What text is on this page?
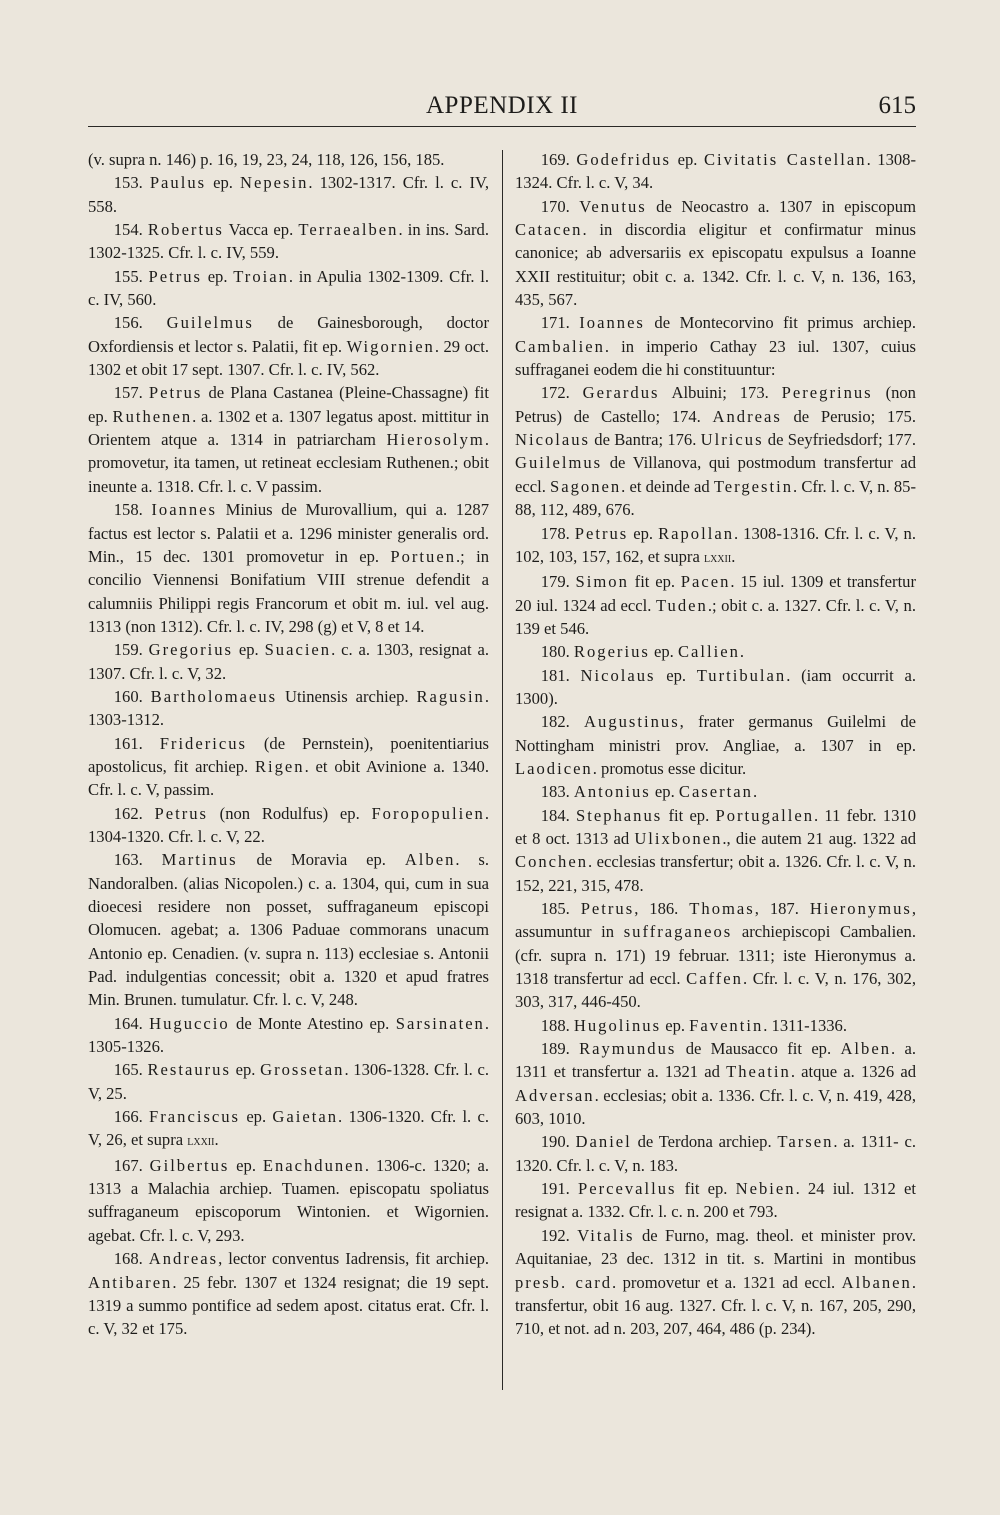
APPENDIX II	615

(v. supra n. 146) p. 16, 19, 23, 24, 118, 126, 156, 185.

153. Paulus ep. Nepesin. 1302-1317. Cfr. l. c. IV, 558.

154. Robertus Vacca ep. Terraealben. in ins. Sard. 1302-1325. Cfr. l. c. IV, 559.

155. Petrus ep. Troian. in Apulia 1302-1309. Cfr. l. c. IV, 560.

156. Guilelmus de Gainesborough, doctor Oxfordiensis et lector s. Palatii, fit ep. Wigornien. 29 oct. 1302 et obit 17 sept. 1307. Cfr. l. c. IV, 562.

157. Petrus de Plana Castanea (Pleine-Chassagne) fit ep. Ruthenen. a. 1302 et a. 1307 legatus apost. mittitur in Orientem atque a. 1314 in patriarcham Hierosolym. promovetur, ita tamen, ut retineat ecclesiam Ruthenen.; obit ineunte a. 1318. Cfr. l. c. V passim.

158. Ioannes Minius de Murovallium, qui a. 1287 factus est lector s. Palatii et a. 1296 minister generalis ord. Min., 15 dec. 1301 promovetur in ep. Portuen.; in concilio Viennensi Bonifatium VIII strenue defendit a calumniis Philippi regis Francorum et obit m. iul. vel aug. 1313 (non 1312). Cfr. l. c. IV, 298 (g) et V, 8 et 14.

159. Gregorius ep. Suacien. c. a. 1303, resignat a. 1307. Cfr. l. c. V, 32.

160. Bartholomaeus Utinensis archiep. Ragusin. 1303-1312.

161. Fridericus (de Pernstein), poenitentiarius apostolicus, fit archiep. Rigen. et obit Avinione a. 1340. Cfr. l. c. V, passim.

162. Petrus (non Rodulfus) ep. Foropopulien. 1304-1320. Cfr. l. c. V, 22.

163. Martinus de Moravia ep. Alben. s. Nandoralben. (alias Nicopolen.) c. a. 1304, qui, cum in sua dioecesi residere non posset, suffraganeum episcopi Olomucen. agebat; a. 1306 Paduae commorans unacum Antonio ep. Cenadien. (v. supra n. 113) ecclesiae s. Antonii Pad. indulgentias concessit; obit a. 1320 et apud fratres Min. Brunen. tumulatur. Cfr. l. c. V, 248.

164. Huguccio de Monte Atestino ep. Sarsinaten. 1305-1326.

165. Restaurus ep. Grossetan. 1306-1328. Cfr. l. c. V, 25.

166. Franciscus ep. Gaietan. 1306-1320. Cfr. l. c. V, 26, et supra lxxii.

167. Gilbertus ep. Enachdunen. 1306-c. 1320; a. 1313 a Malachia archiep. Tuamen. episcopatu spoliatus suffraganeum episcoporum Wintonien. et Wigornien. agebat. Cfr. l. c. V, 293.

168. Andreas, lector conventus Iadrensis, fit archiep. Antibaren. 25 febr. 1307 et 1324 resignat; die 19 sept. 1319 a summo pontifice ad sedem apost. citatus erat. Cfr. l. c. V, 32 et 175.

169. Godefridus ep. Civitatis Castellan. 1308-1324. Cfr. l. c. V, 34.

170. Venutus de Neocastro a. 1307 in episcopum Catacen. in discordia eligitur et confirmatur minus canonice; ab adversariis ex episcopatu expulsus a Ioanne XXII restituitur; obit c. a. 1342. Cfr. l. c. V, n. 136, 163, 435, 567.

171. Ioannes de Montecorvino fit primus archiep. Cambalien. in imperio Cathay 23 iul. 1307, cuius suffraganei eodem die hi constituuntur:

172. Gerardus Albuini; 173. Peregrinus (non Petrus) de Castello; 174. Andreas de Perusio; 175. Nicolaus de Bantra; 176. Ulricus de Seyfriedsdorf; 177. Guilelmus de Villanova, qui postmodum transfertur ad eccl. Sagonen. et deinde ad Tergestin. Cfr. l. c. V, n. 85-88, 112, 489, 676.

178. Petrus ep. Rapollan. 1308-1316. Cfr. l. c. V, n. 102, 103, 157, 162, et supra lxxii.

179. Simon fit ep. Pacen. 15 iul. 1309 et transfertur 20 iul. 1324 ad eccl. Tuden.; obit c. a. 1327. Cfr. l. c. V, n. 139 et 546.

180. Rogerius ep. Callien.

181. Nicolaus ep. Turtibulan. (iam occurrit a. 1300).

182. Augustinus, frater germanus Guilelmi de Nottingham ministri prov. Angliae, a. 1307 in ep. Laodicen. promotus esse dicitur.

183. Antonius ep. Casertan.

184. Stephanus fit ep. Portugallen. 11 febr. 1310 et 8 oct. 1313 ad Ulixbonen., die autem 21 aug. 1322 ad Conchen. ecclesias transfertur; obit a. 1326. Cfr. l. c. V, n. 152, 221, 315, 478.

185. Petrus, 186. Thomas, 187. Hieronymus, assumuntur in suffraganeos archiepiscopi Cambalien. (cfr. supra n. 171) 19 februar. 1311; iste Hieronymus a. 1318 transfertur ad eccl. Caffen. Cfr. l. c. V, n. 176, 302, 303, 317, 446-450.

188. Hugolinus ep. Faventin. 1311-1336.

189. Raymundus de Mausacco fit ep. Alben. a. 1311 et transfertur a. 1321 ad Theatin. atque a. 1326 ad Adversan. ecclesias; obit a. 1336. Cfr. l. c. V, n. 419, 428, 603, 1010.

190. Daniel de Terdona archiep. Tarsen. a. 1311- c. 1320. Cfr. l. c. V, n. 183.

191. Percevallus fit ep. Nebien. 24 iul. 1312 et resignat a. 1332. Cfr. l. c. n. 200 et 793.

192. Vitalis de Furno, mag. theol. et minister prov. Aquitaniae, 23 dec. 1312 in tit. s. Martini in montibus presb. card. promovetur et a. 1321 ad eccl. Albanen. transfertur, obit 16 aug. 1327. Cfr. l. c. V, n. 167, 205, 290, 710, et not. ad n. 203, 207, 464, 486 (p. 234).
